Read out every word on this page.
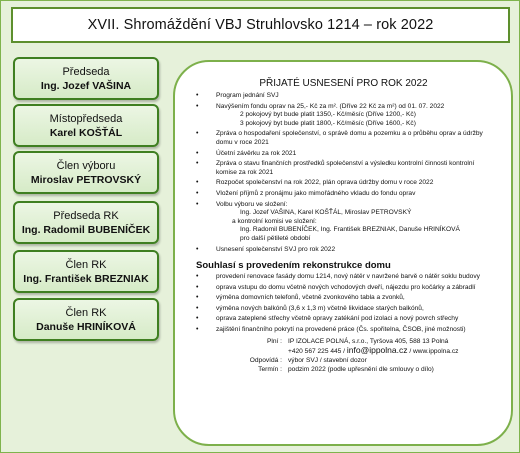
XVII. Shromáždění VBJ Struhlovsko 1214 – rok 2022
Předseda
Ing. Jozef VAŠINA
Místopředseda
Karel KOŠŤÁL
Člen výboru
Miroslav PETROVSKÝ
Předseda RK
Ing. Radomil BUBENÍČEK
Člen RK
Ing. František BREZNIAK
Člen RK
Danuše HRINÍKOVÁ
PŘIJATÉ USNESENÍ PRO ROK 2022
• Program jednání SVJ
• Navýšením fondu oprav na 25,- Kč za m². (Dříve 22 Kč za m²) od 01. 07. 2022
2 pokojový byt bude platit 1350,- Kč/měsíc (Dříve 1200,- Kč)
3 pokojový byt bude platit 1800,- Kč/měsíc (Dříve 1600,- Kč)
• Zpráva o hospodaření společenství, o správě domu a pozemku a o průběhu oprav a údržby domu v roce 2021
• Účetní závěrku za rok 2021
• Zpráva o stavu finančních prostředků společenství a výsledku kontrolní činnosti kontrolní komise za rok 2021
• Rozpočet společenství na rok 2022, plán oprava údržby domu v roce 2022
• Vložení příjmů z pronájmu jako mimořádného vkladu do fondu oprav
• Volbu výboru ve složení:
Ing. Jozef VAŠINA, Karel KOŠŤÁL, Miroslav PETROVSKÝ
a kontrolní komisi ve složení:
Ing. Radomil BUBENÍČEK, Ing. František BREZNIAK, Danuše HRINÍKOVÁ
pro další pětileté období
• Usnesení společenství SVJ pro rok 2022
Souhlasí s provedením rekonstrukce domu
• provedení renovace fasády domu 1214, nový nátěr v navržené barvě o nátěr soklu budovy
• oprava vstupu do domu včetně nových vchodových dveří, nájezdu pro kočárky a zábradlí
• výměna domovních telefonů, včetně zvonkového tabla a zvonků,
• výměna nových balkónů (3,6 x 1,3 m) včetně likvidace starých balkónů,
• oprava zateplené střechy včetně opravy zatékání pod izolaci a nový povrch střechy
• zajištění finančního pokrytí na provedené práce (Čs. spořitelna, ČSOB, jiné možnosti)
Plní : IP IZOLACE POLNÁ, s.r.o., Tyršova 405, 588 13 Polná
+420 567 225 445 / info@ippolna.cz / www.ippolna.cz
Odpovídá : výbor SVJ / stavební dozor
Termín : podzim 2022 (podle upřesnění dle smlouvy o dílo)
